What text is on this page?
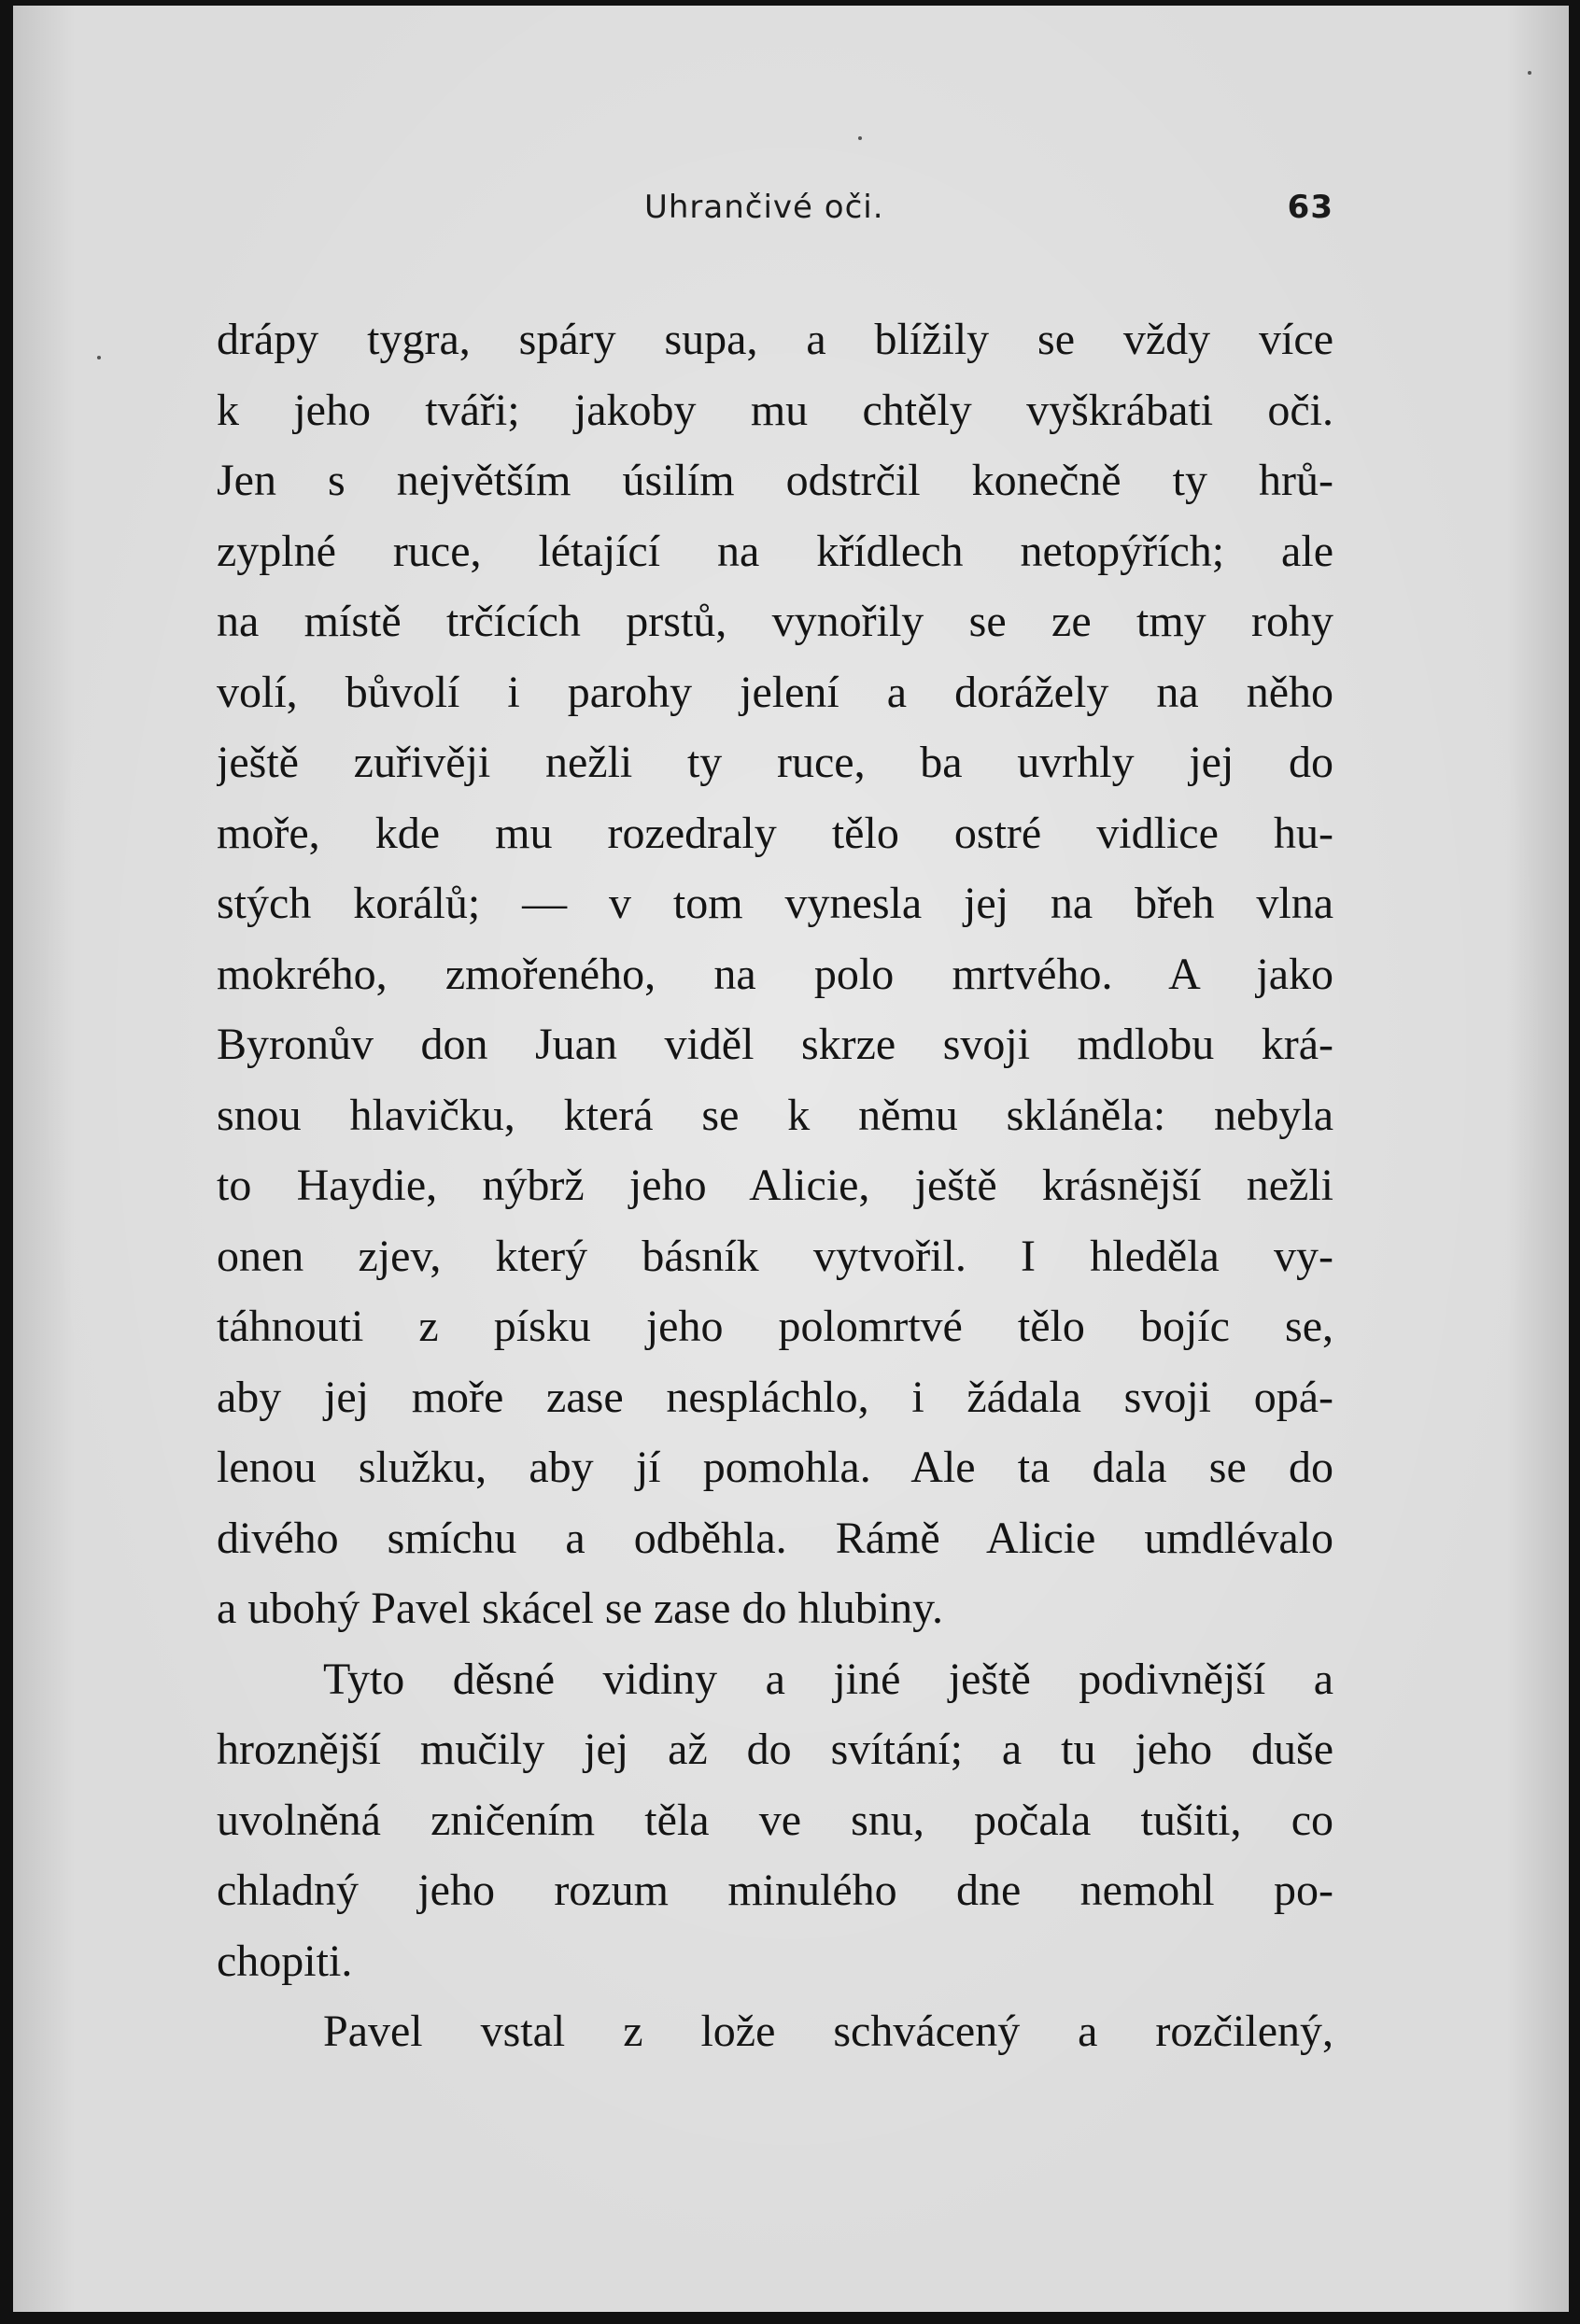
Uhrančivé oči.	63
drápy tygra, spáry supa, a blížily se vždy více
k jeho tváři; jakoby mu chtěly vyškrábati oči.
Jen s největším úsilím odstrčil konečně ty hrů-
zyplné ruce, létající na křídlech netopýřích; ale
na místě trčících prstů, vynořily se ze tmy rohy
volí, bůvolí i parohy jelení a dorážely na něho
ještě zuřivěji nežli ty ruce, ba uvrhly jej do
moře, kde mu rozedraly tělo ostré vidlice hu-
stých korálů; — v tom vynesla jej na břeh vlna
mokrého, zmořeného, na polo mrtvého. A jako
Byronův don Juan viděl skrze svoji mdlobu krá-
snou hlavičku, která se k němu skláněla: nebyla
to Haydie, nýbrž jeho Alicie, ještě krásnější nežli
onen zjev, který básník vytvořil. I hleděla vy-
táhnouti z písku jeho polomrtvé tělo bojíc se,
aby jej moře zase nespláchlo, i žádala svoji opá-
lenou služku, aby jí pomohla. Ale ta dala se do
divého smíchu a odběhla. Rámě Alicie umdlévalo
a ubohý Pavel skácel se zase do hlubiny.
Tyto děsné vidiny a jiné ještě podivnější a
hroznější mučily jej až do svítání; a tu jeho duše
uvolněná zničením těla ve snu, počala tušiti, co
chladný jeho rozum minulého dne nemohl po-
chopiti.
Pavel vstal z lože schvácený a rozčilený,
